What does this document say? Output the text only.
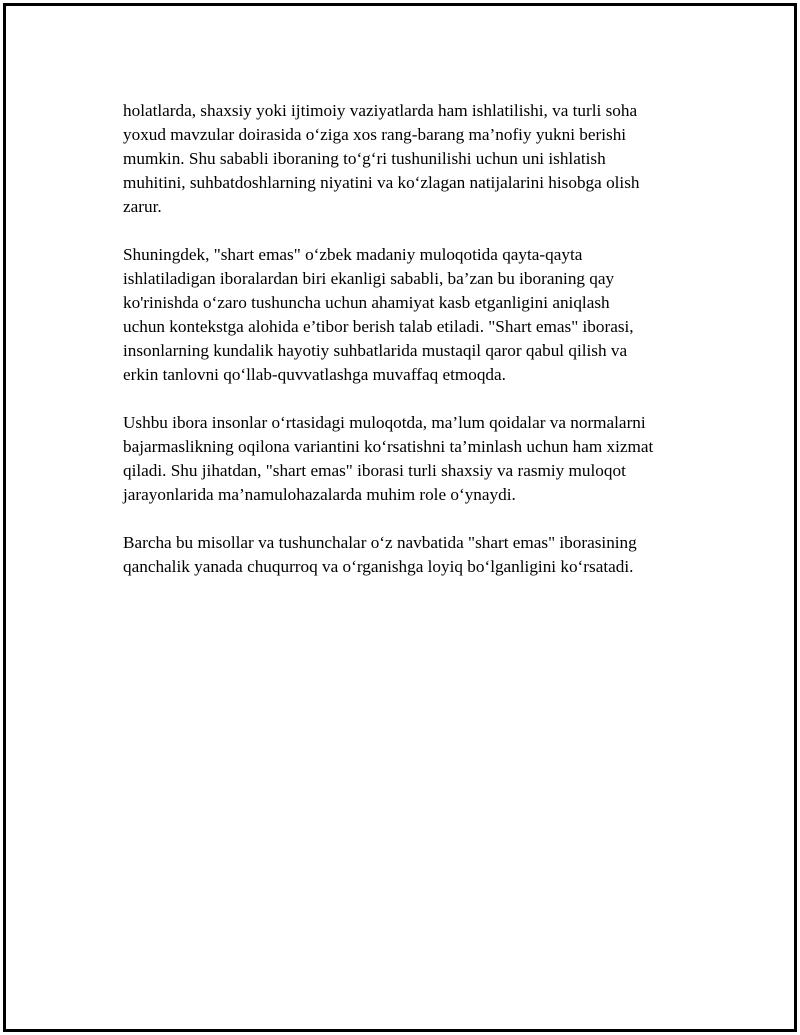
holatlarda, shaxsiy yoki ijtimoiy vaziyatlarda ham ishlatilishi, va turli soha
yoxud mavzular doirasida o‘ziga xos rang-barang ma’nofiy yukni berishi
mumkin. Shu sababli iboraning to‘g‘ri tushunilishi uchun uni ishlatish
muhitini, suhbatdoshlarning niyatini va ko‘zlagan natijalarini hisobga olish
zarur.

Shuningdek, "shart emas" o‘zbek madaniy muloqotida qayta-qayta
ishlatiladigan iboralardan biri ekanligi sababli, ba’zan bu iboraning qay
ko'rinishda o‘zaro tushuncha uchun ahamiyat kasb etganligini aniqlash
uchun kontekstga alohida e’tibor berish talab etiladi. "Shart emas" iborasi,
insonlarning kundalik hayotiy suhbatlarida mustaqil qaror qabul qilish va
erkin tanlovni qo‘llab-quvvatlashga muvaffaq etmoqda.

Ushbu ibora insonlar o‘rtasidagi muloqotda, ma’lum qoidalar va normalarni
bajarmaslikning oqilona variantini ko‘rsatishni ta’minlash uchun ham xizmat
qiladi. Shu jihatdan, "shart emas" iborasi turli shaxsiy va rasmiy muloqot
jarayonlarida ma’namulohazalarda muhim role o‘ynaydi.

Barcha bu misollar va tushunchalar o‘z navbatida "shart emas" iborasining
qanchalik yanada chuqurroq va o‘rganishga loyiq bo‘lganligini ko‘rsatadi.
